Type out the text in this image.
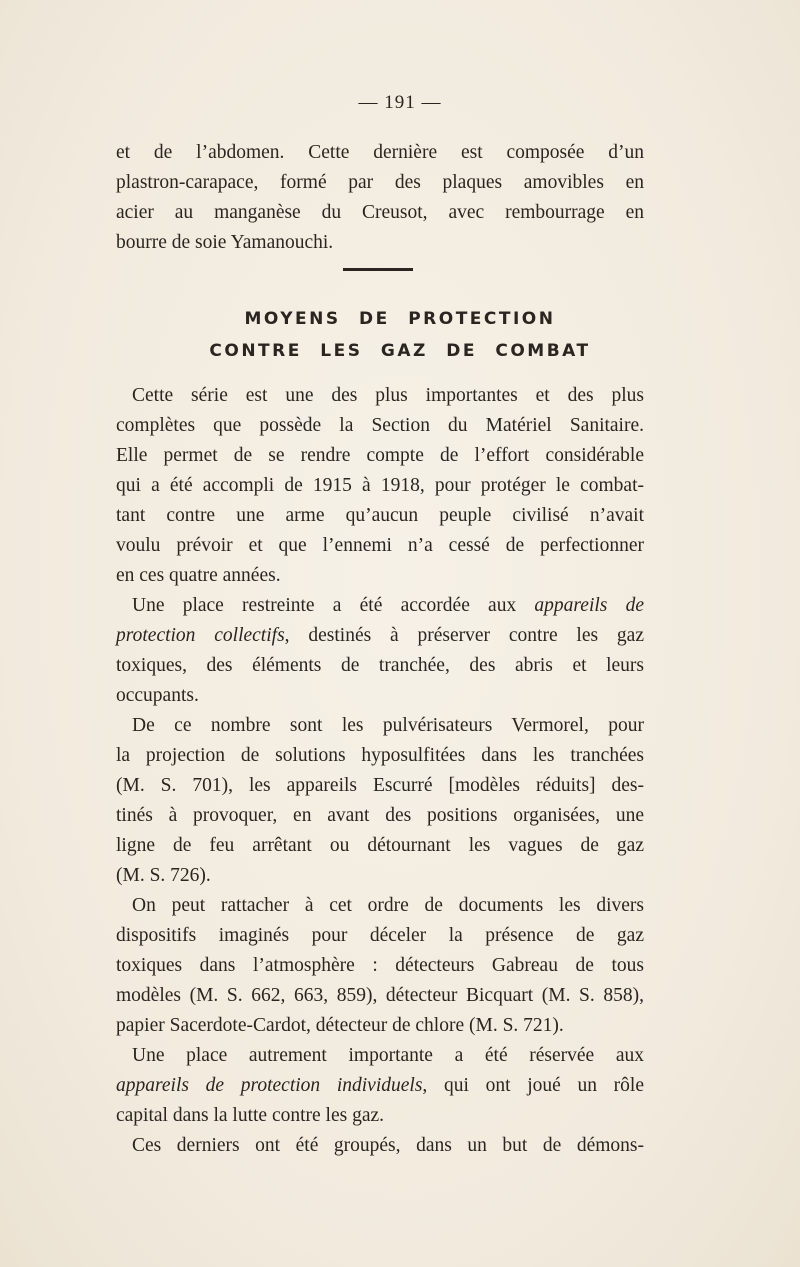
— 191 —
et de l’abdomen. Cette dernière est composée d’un
plastron-carapace, formé par des plaques amovibles en
acier au manganèse du Creusot, avec rembourrage en
bourre de soie Yamanouchi.
MOYENS DE PROTECTION
CONTRE LES GAZ DE COMBAT
Cette série est une des plus importantes et des plus
complètes que possède la Section du Matériel Sanitaire.
Elle permet de se rendre compte de l’effort considérable
qui a été accompli de 1915 à 1918, pour protéger le combat-
tant contre une arme qu’aucun peuple civilisé n’avait
voulu prévoir et que l’ennemi n’a cessé de perfectionner
en ces quatre années.
Une place restreinte a été accordée aux appareils de
protection collectifs, destinés à préserver contre les gaz
toxiques, des éléments de tranchée, des abris et leurs
occupants.
De ce nombre sont les pulvérisateurs Vermorel, pour
la projection de solutions hyposulfitées dans les tranchées
(M. S. 701), les appareils Escurré [modèles réduits] des-
tinés à provoquer, en avant des positions organisées, une
ligne de feu arrêtant ou détournant les vagues de gaz
(M. S. 726).
On peut rattacher à cet ordre de documents les divers
dispositifs imaginés pour déceler la présence de gaz
toxiques dans l’atmosphère : détecteurs Gabreau de tous
modèles (M. S. 662, 663, 859), détecteur Bicquart (M. S. 858),
papier Sacerdote-Cardot, détecteur de chlore (M. S. 721).
Une place autrement importante a été réservée aux
appareils de protection individuels, qui ont joué un rôle
capital dans la lutte contre les gaz.
Ces derniers ont été groupés, dans un but de démons-
